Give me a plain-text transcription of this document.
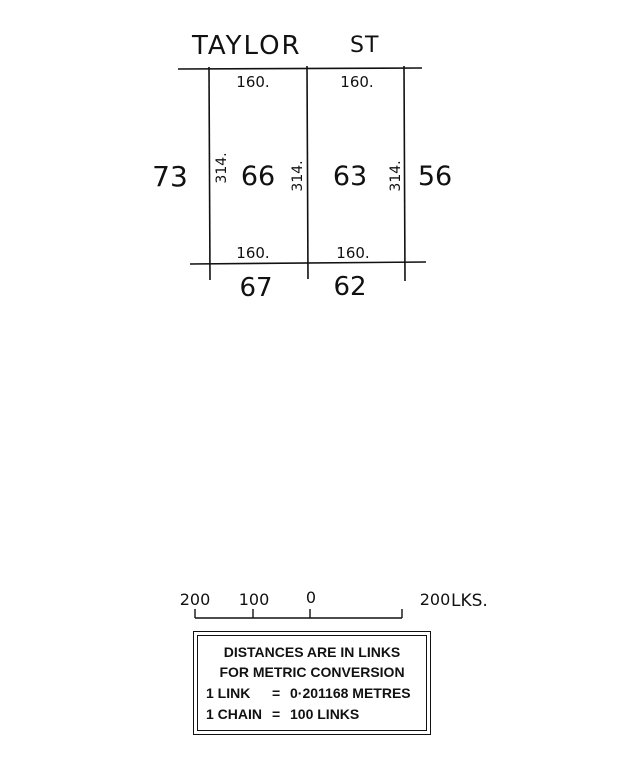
TAYLOR ST
160.
160.
314. 66
160.
160.
314. 63 314.
73	56
67 62
200 100 0	200 LKS.
DISTANCES ARE IN LINKS
FOR METRIC CONVERSION
1 LINK = 0·201168 METRES
1 CHAIN = 100 LINKS
